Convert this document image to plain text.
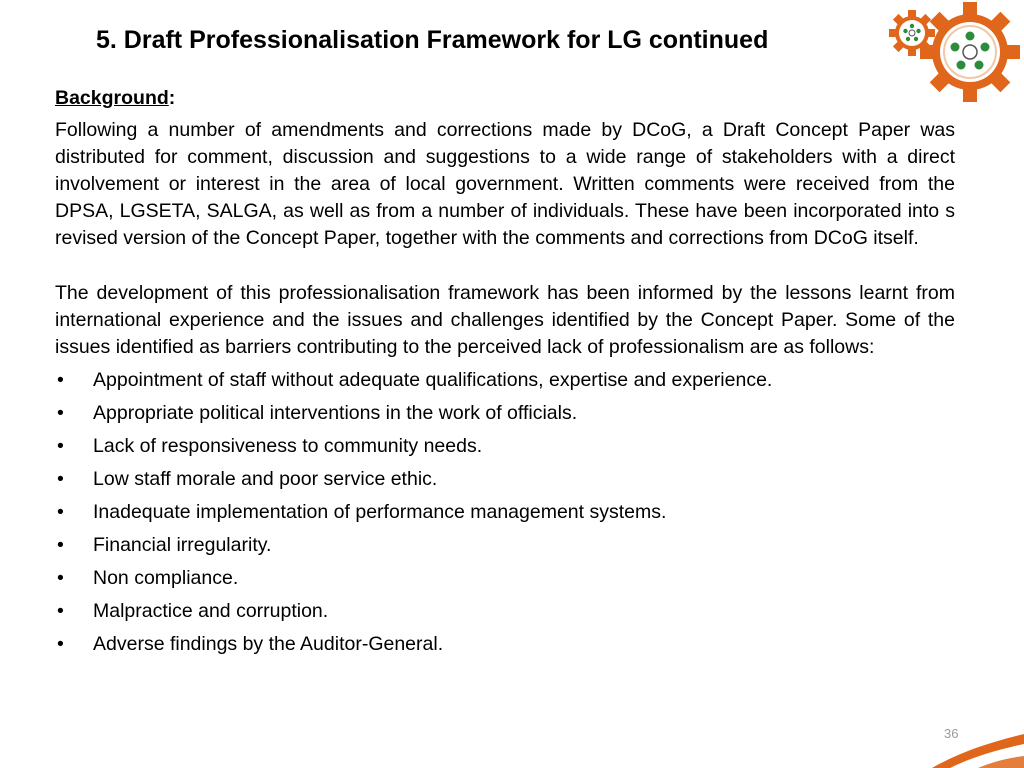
5. Draft Professionalisation Framework for LG continued

Background:

Following a number of amendments and corrections made by DCoG, a Draft Concept Paper was distributed for comment, discussion and suggestions to a wide range of stakeholders with a direct involvement or interest in the area of local government. Written comments were received from the DPSA, LGSETA, SALGA, as well as from a number of individuals. These have been incorporated into s revised version of the Concept Paper, together with the comments and corrections from DCoG itself.

The development of this professionalisation framework has been informed by the lessons learnt from international experience and the issues and challenges identified by the Concept Paper. Some of the issues identified as barriers contributing to the perceived lack of professionalism are as follows:

•	Appointment of staff without adequate qualifications, expertise and experience.
•	Appropriate political interventions in the work of officials.
•	Lack of responsiveness to community needs.
•	Low staff morale and poor service ethic.
•	Inadequate implementation of performance management systems.
•	Financial irregularity.
•	Non compliance.
•	Malpractice and corruption.
•	Adverse findings by the Auditor-General.
36
